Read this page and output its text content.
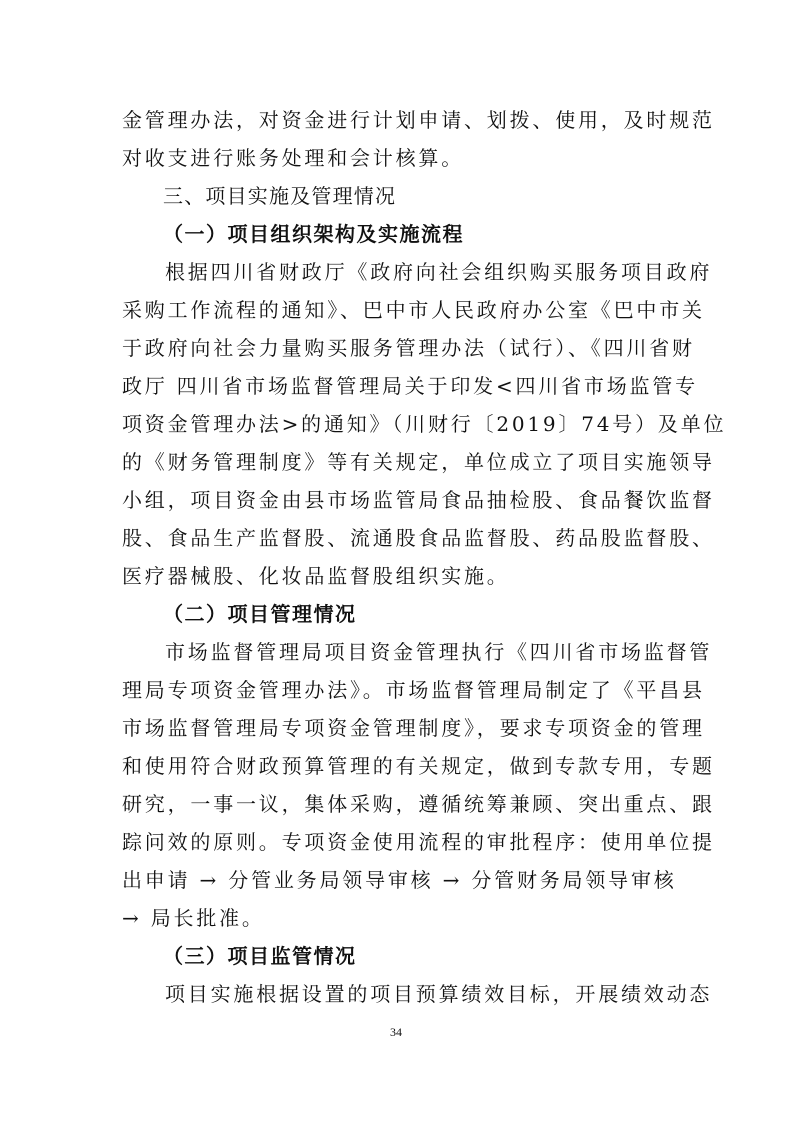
金管理办法，对资金进行计划申请、划拨、使用，及时规范
对收支进行账务处理和会计核算。
三、项目实施及管理情况
（一）项目组织架构及实施流程
根据四川省财政厅《政府向社会组织购买服务项目政府
采购工作流程的通知》、巴中市人民政府办公室《巴中市关
于政府向社会力量购买服务管理办法（试行）、《四川省财
政厅 四川省市场监督管理局关于印发<四川省市场监管专
项资金管理办法>的通知》（川财行〔2019〕74号）及单位
的《财务管理制度》等有关规定，单位成立了项目实施领导
小组，项目资金由县市场监管局食品抽检股、食品餐饮监督
股、食品生产监督股、流通股食品监督股、药品股监督股、
医疗器械股、化妆品监督股组织实施。
（二）项目管理情况
市场监督管理局项目资金管理执行《四川省市场监督管
理局专项资金管理办法》。市场监督管理局制定了《平昌县
市场监督管理局专项资金管理制度》，要求专项资金的管理
和使用符合财政预算管理的有关规定，做到专款专用，专题
研究，一事一议，集体采购，遵循统筹兼顾、突出重点、跟
踪问效的原则。专项资金使用流程的审批程序：使用单位提
出申请 → 分管业务局领导审核 → 分管财务局领导审核
→ 局长批准。
（三）项目监管情况
项目实施根据设置的项目预算绩效目标，开展绩效动态
34
